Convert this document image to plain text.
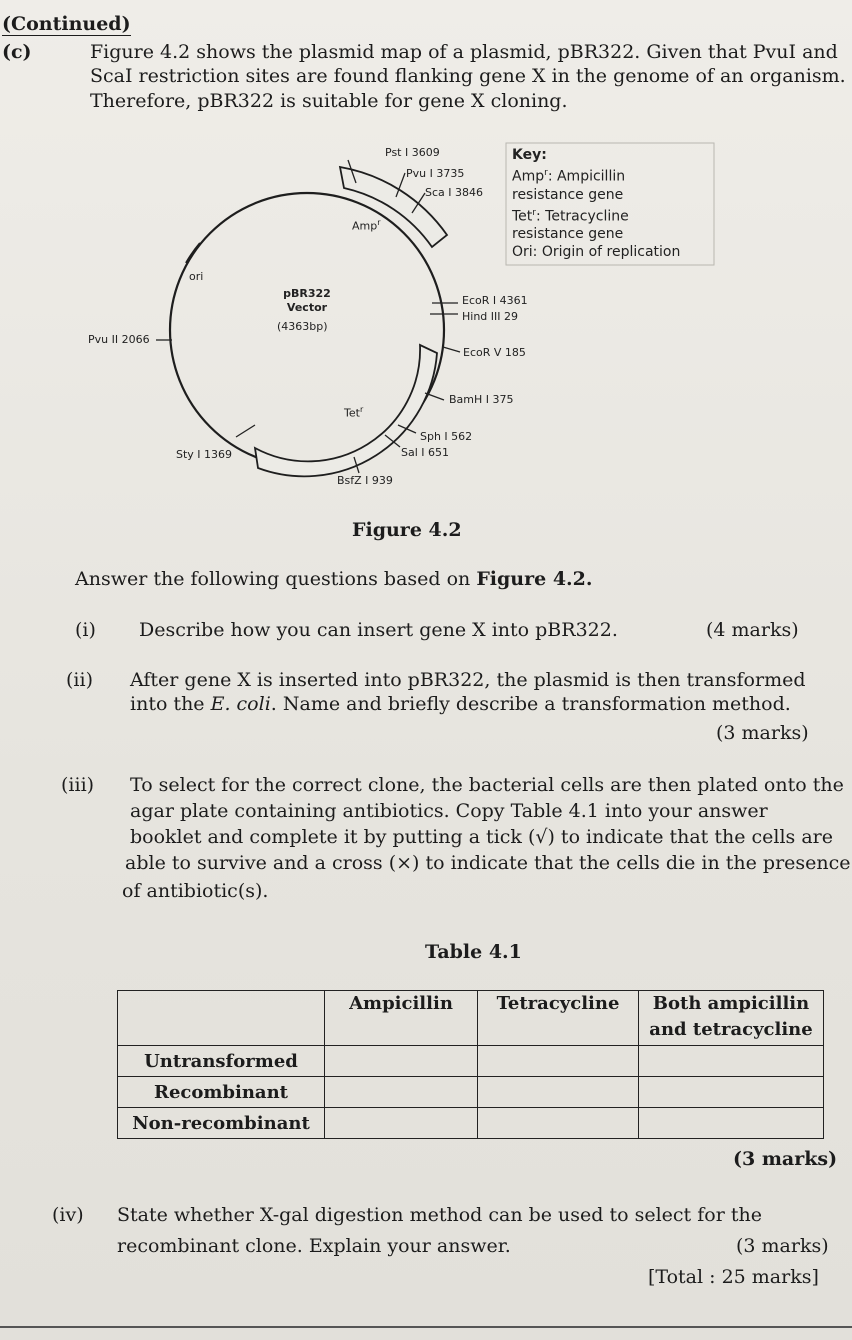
(Continued)
(c)	Figure 4.2 shows the plasmid map of a plasmid, pBR322. Given that PvuI and
ScaI restriction sites are found flanking gene X in the genome of an organism.
Therefore, pBR322 is suitable for gene X cloning.
Pst I 3609
Pvu I 3735
Sca I 3846
Amp$^r$
ori
pBR322
Vector
(4363bp)
EcoR I 4361
Hind III 29
EcoR V 185
BamH I 375
Tet$^r$
Sph I 562
Sal I 651
BsfZ I 939
Sty I 1369
Pvu II 2066
Key:
Amp$^r$: Ampicillin
resistance gene
Tet$^r$: Tetracycline
resistance gene
Ori: Origin of replication
Figure 4.2
Answer the following questions based on Figure 4.2.
(i) Describe how you can insert gene X into pBR322.	(4 marks)
(ii) After gene X is inserted into pBR322, the plasmid is then transformed
into the E. coli. Name and briefly describe a transformation method.
(3 marks)
(iii) To select for the correct clone, the bacterial cells are then plated onto the
agar plate containing antibiotics. Copy Table 4.1 into your answer
booklet and complete it by putting a tick (√) to indicate that the cells are
able to survive and a cross (×) to indicate that the cells die in the presence
of antibiotic(s).
Table 4.1
	Ampicillin	Tetracycline	Both ampicillin and tetracycline
Untransformed			
Recombinant			
Non-recombinant			
(3 marks)
(iv) State whether X-gal digestion method can be used to select for the
recombinant clone. Explain your answer.	(3 marks)
[Total : 25 marks]
